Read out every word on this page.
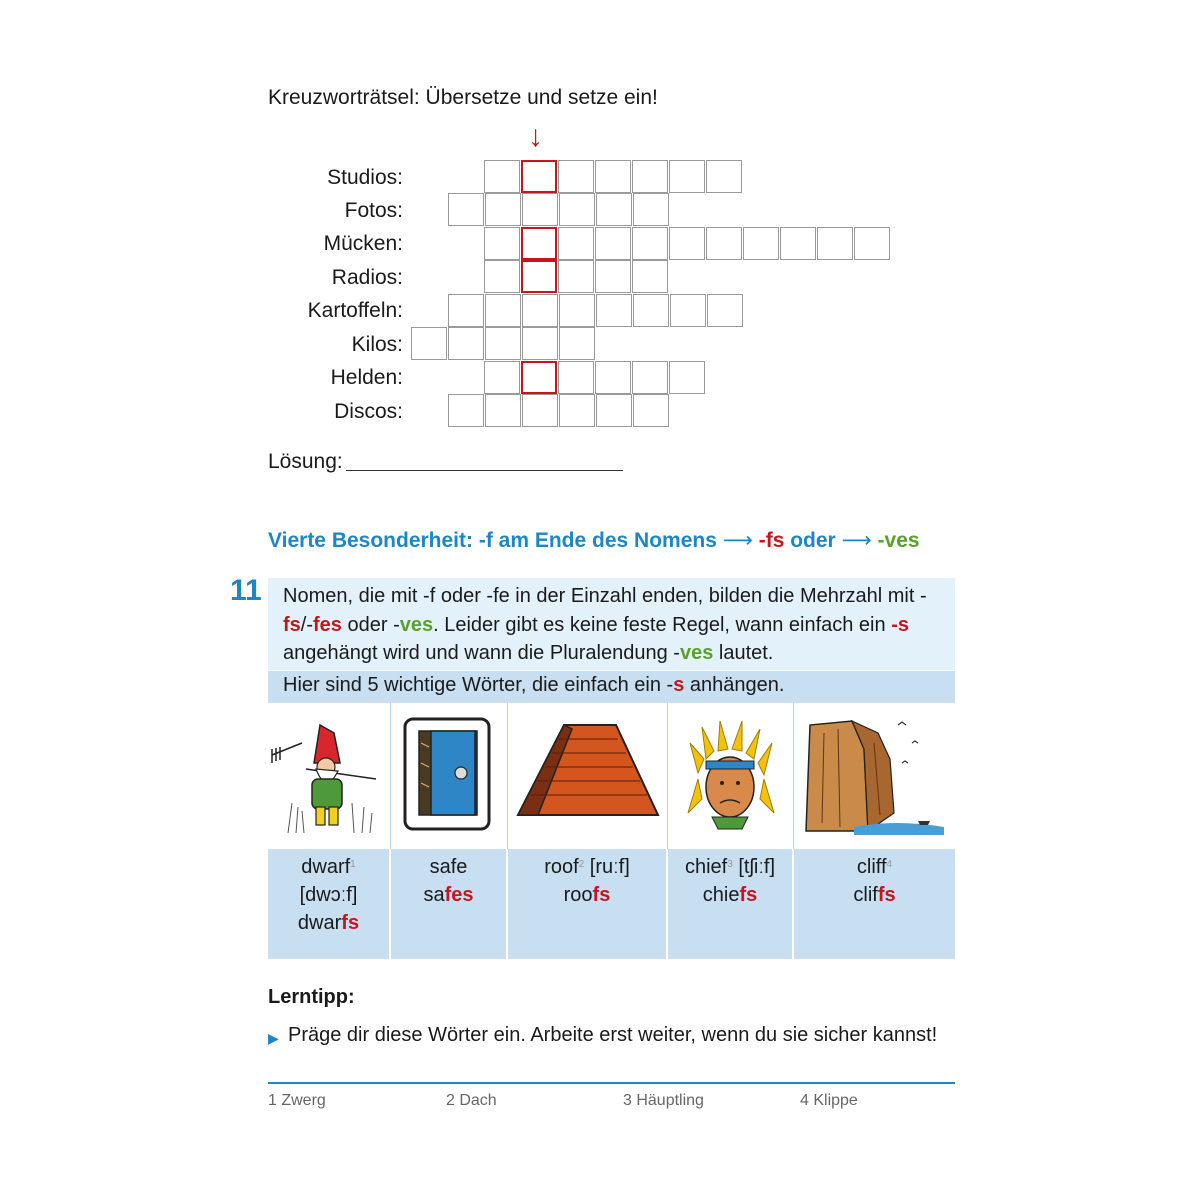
Kreuzworträtsel: Übersetze und setze ein!
↓
Studios:
Fotos:
Mücken:
Radios:
Kartoffeln:
Kilos:
Helden:
Discos:
Lösung:
Vierte Besonderheit: -f am Ende des Nomens ⟶ -fs oder ⟶ -ves
11 Nomen, die mit -f oder -fe in der Einzahl enden, bilden die Mehrzahl mit -fs/-fes oder -ves. Leider gibt es keine feste Regel, wann einfach ein -s angehängt wird und wann die Pluralendung -ves lautet.
Hier sind 5 wichtige Wörter, die einfach ein -s anhängen.
dwarf$^1$
[dwɔːf]
dwarfs
safe
safes
roof$^2$ [ruːf]
roofs
chief$^3$ [tʃiːf]
chiefs
cliff$^4$
cliffs
Lerntipp:
▶ Präge dir diese Wörter ein. Arbeite erst weiter, wenn du sie sicher kannst!
1 Zwerg	2 Dach	3 Häuptling	4 Klippe
